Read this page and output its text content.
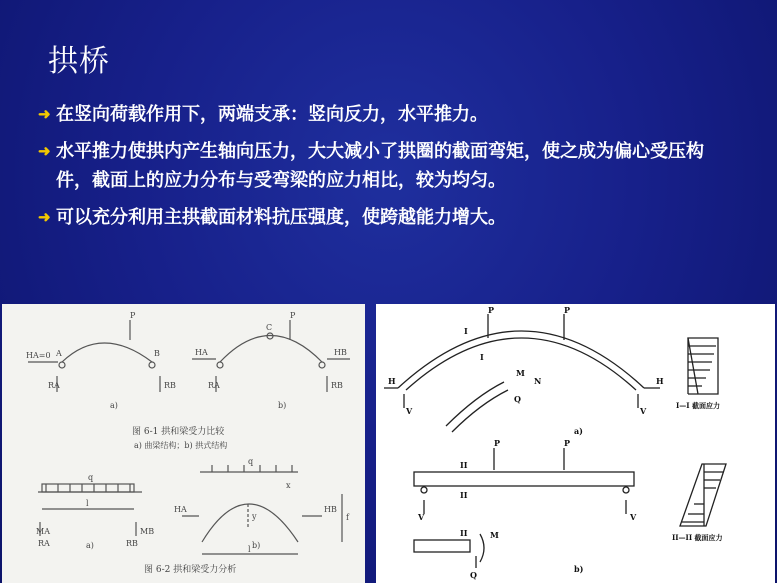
拱桥
➜ 在竖向荷载作用下，两端支承：竖向反力，水平推力。
➜ 水平推力使拱内产生轴向压力，大大减小了拱圈的截面弯矩，使之成为偏心受压构件，截面上的应力分布与受弯梁的应力相比，较为均匀。
➜ 可以充分利用主拱截面材料抗压强度，使跨越能力增大。
P
A	B
HA=0
RA	RB
P
C
HA	HB
RA	RB
a)	b)
图 6-1 拱和梁受力比较
a) 曲梁结构；b) 拱式结构
q
l
MA	MB
RA	RB
a)
q
x
y	f
HA	HB
l b)
图 6-2 拱和梁受力分析
P	P
H	H
V	V
I
I
M
N
Q
a)
I—I 截面应力
P	P
II
II
V	V
II	M
Q
b)
II—II 截面应力
